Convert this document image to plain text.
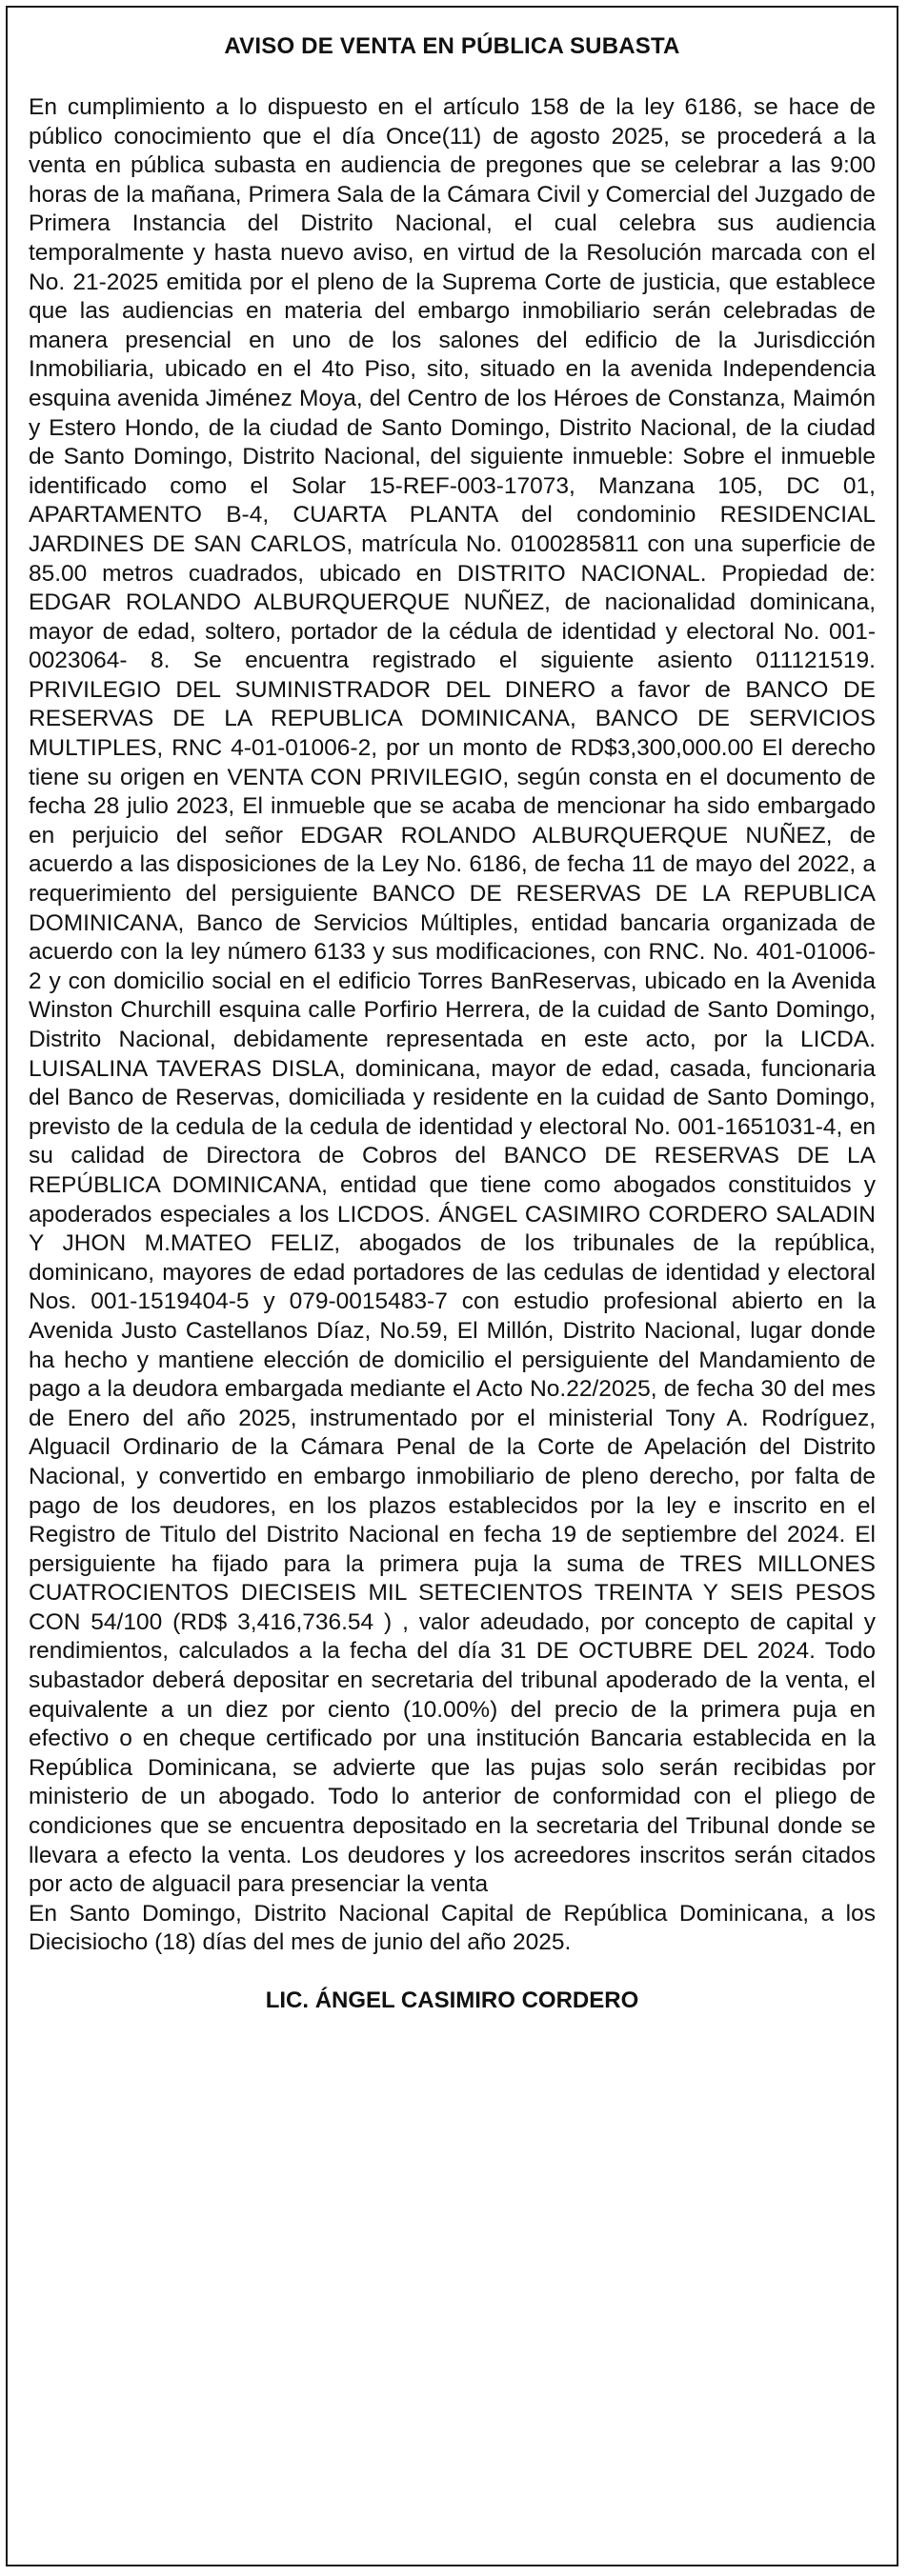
AVISO DE VENTA EN PÚBLICA SUBASTA

En cumplimiento a lo dispuesto en el artículo 158 de la ley 6186, se hace de público conocimiento que el día Once(11) de agosto 2025, se procederá a la venta en pública subasta en audiencia de pregones que se celebrar a las 9:00 horas de la mañana, Primera Sala de la Cámara Civil y Comercial del Juzgado de Primera Instancia del Distrito Nacional, el cual celebra sus audiencia temporalmente y hasta nuevo aviso, en virtud de la Resolución marcada con el No. 21-2025 emitida por el pleno de la Suprema Corte de justicia, que establece que las audiencias en materia del embargo inmobiliario serán celebradas de manera presencial en uno de los salones del edificio de la Jurisdicción Inmobiliaria, ubicado en el 4to Piso, sito, situado en la avenida Independencia esquina avenida Jiménez Moya, del Centro de los Héroes de Constanza, Maimón y Estero Hondo, de la ciudad de Santo Domingo, Distrito Nacional, de la ciudad de Santo Domingo, Distrito Nacional, del siguiente inmueble: Sobre el inmueble identificado como el Solar 15-REF-003-17073, Manzana 105, DC 01, APARTAMENTO B-4, CUARTA PLANTA del condominio RESIDENCIAL JARDINES DE SAN CARLOS, matrícula No. 0100285811 con una superficie de 85.00 metros cuadrados, ubicado en DISTRITO NACIONAL. Propiedad de: EDGAR ROLANDO ALBURQUERQUE NUÑEZ, de nacionalidad dominicana, mayor de edad, soltero, portador de la cédula de identidad y electoral No. 001-0023064- 8. Se encuentra registrado el siguiente asiento 011121519. PRIVILEGIO DEL SUMINISTRADOR DEL DINERO a favor de BANCO DE RESERVAS DE LA REPUBLICA DOMINICANA, BANCO DE SERVICIOS MULTIPLES, RNC 4-01-01006-2, por un monto de RD$3,300,000.00 El derecho tiene su origen en VENTA CON PRIVILEGIO, según consta en el documento de fecha 28 julio 2023, El inmueble que se acaba de mencionar ha sido embargado en perjuicio del señor EDGAR ROLANDO ALBURQUERQUE NUÑEZ, de acuerdo a las disposiciones de la Ley No. 6186, de fecha 11 de mayo del 2022, a requerimiento del persiguiente BANCO DE RESERVAS DE LA REPUBLICA DOMINICANA, Banco de Servicios Múltiples, entidad bancaria organizada de acuerdo con la ley número 6133 y sus modificaciones, con RNC. No. 401-01006-2 y con domicilio social en el edificio Torres BanReservas, ubicado en la Avenida Winston Churchill esquina calle Porfirio Herrera, de la cuidad de Santo Domingo, Distrito Nacional, debidamente representada en este acto, por la LICDA. LUISALINA TAVERAS DISLA, dominicana, mayor de edad, casada, funcionaria del Banco de Reservas, domiciliada y residente en la cuidad de Santo Domingo, previsto de la cedula de la cedula de identidad y electoral No. 001-1651031-4, en su calidad de Directora de Cobros del BANCO DE RESERVAS DE LA REPÚBLICA DOMINICANA, entidad que tiene como abogados constituidos y apoderados especiales a los LICDOS. ÁNGEL CASIMIRO CORDERO SALADIN Y JHON M.MATEO FELIZ, abogados de los tribunales de la república, dominicano, mayores de edad portadores de las cedulas de identidad y electoral Nos. 001-1519404-5 y 079-0015483-7 con estudio profesional abierto en la Avenida Justo Castellanos Díaz, No.59, El Millón, Distrito Nacional, lugar donde ha hecho y mantiene elección de domicilio el persiguiente del Mandamiento de pago a la deudora embargada mediante el Acto No.22/2025, de fecha 30 del mes de Enero del año 2025, instrumentado por el ministerial Tony A. Rodríguez, Alguacil Ordinario de la Cámara Penal de la Corte de Apelación del Distrito Nacional, y convertido en embargo inmobiliario de pleno derecho, por falta de pago de los deudores, en los plazos establecidos por la ley e inscrito en el Registro de Titulo del Distrito Nacional en fecha 19 de septiembre del 2024. El persiguiente ha fijado para la primera puja la suma de TRES MILLONES CUATROCIENTOS DIECISEIS MIL SETECIENTOS TREINTA Y SEIS PESOS CON 54/100 (RD$ 3,416,736.54 ) , valor adeudado, por concepto de capital y rendimientos, calculados a la fecha del día 31 DE OCTUBRE DEL 2024. Todo subastador deberá depositar en secretaria del tribunal apoderado de la venta, el equivalente a un diez por ciento (10.00%) del precio de la primera puja en efectivo o en cheque certificado por una institución Bancaria establecida en la República Dominicana, se advierte que las pujas solo serán recibidas por ministerio de un abogado. Todo lo anterior de conformidad con el pliego de condiciones que se encuentra depositado en la secretaria del Tribunal donde se llevara a efecto la venta. Los deudores y los acreedores inscritos serán citados por acto de alguacil para presenciar la venta

En Santo Domingo, Distrito Nacional Capital de República Dominicana, a los Diecisiocho (18) días del mes de junio del año 2025.

LIC. ÁNGEL CASIMIRO CORDERO
